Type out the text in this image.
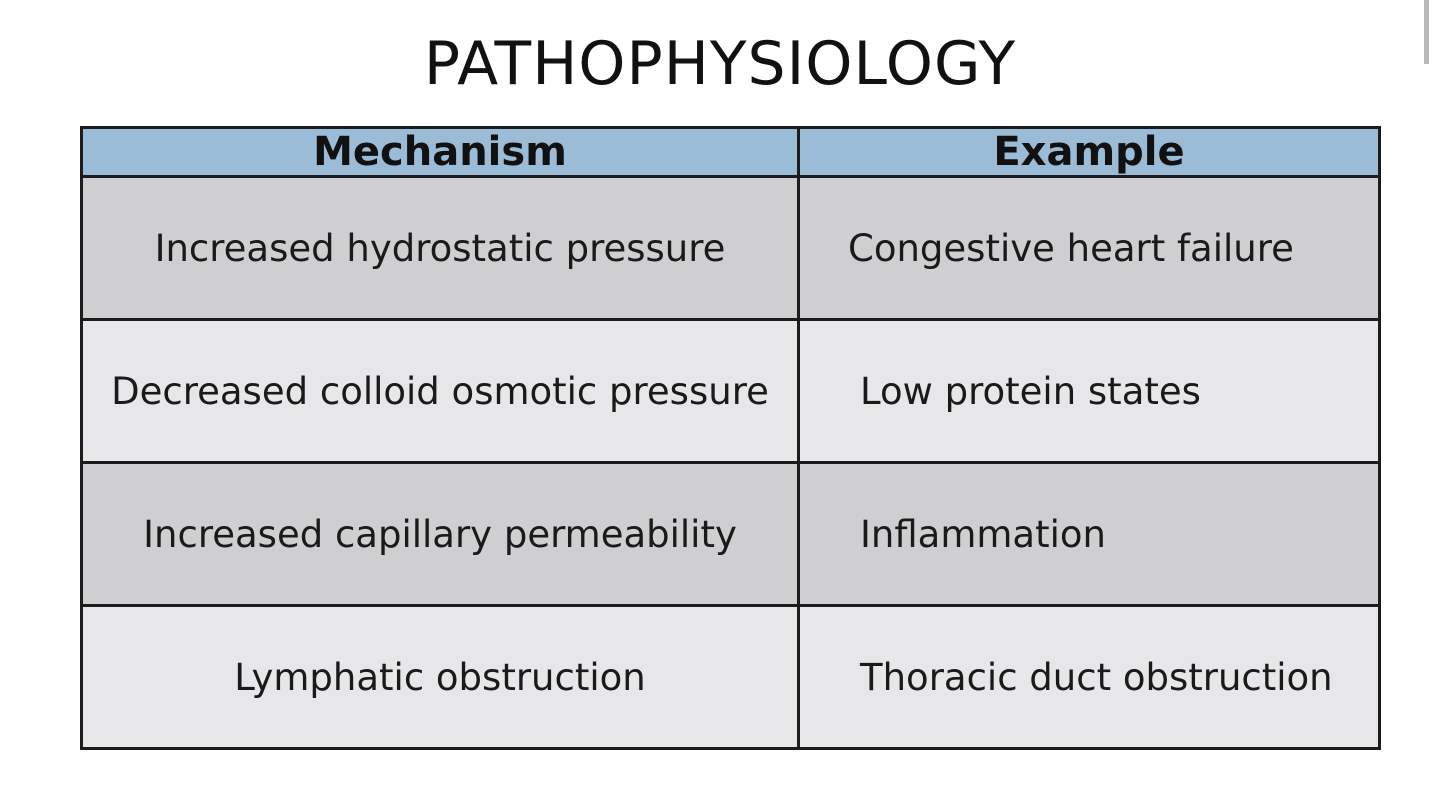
PATHOPHYSIOLOGY
Mechanism	Example
Increased hydrostatic pressure	Congestive heart failure
Decreased colloid osmotic pressure	Low protein states
Increased capillary permeability	Inflammation
Lymphatic obstruction	Thoracic duct obstruction
